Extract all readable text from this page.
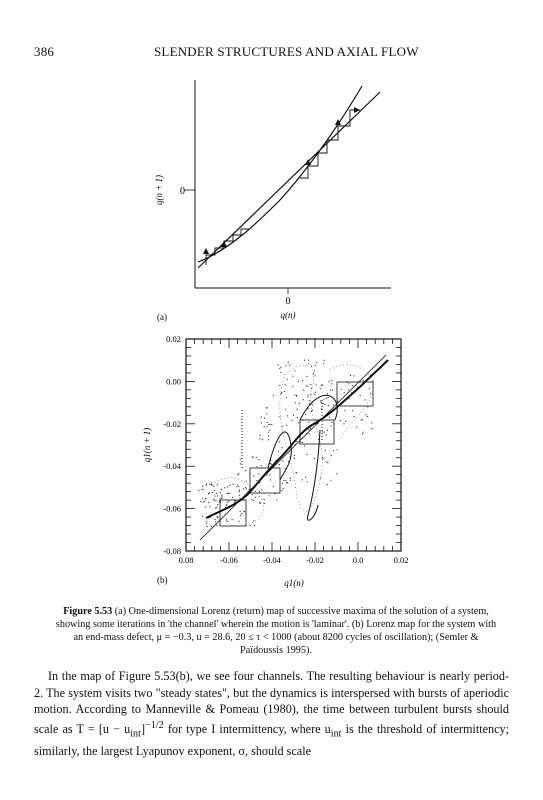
386	SLENDER STRUCTURES AND AXIAL FLOW
0
0
q(n + 1)
q(n)
(a)
0.02
0.00
-0.02
-0.04
-0.06
-0.08
0.08	-0.06	-0.04	-0.02	0.0	0.02
q1(n + 1)
q1(n)
(b)
Figure 5.53 (a) One-dimensional Lorenz (return) map of successive maxima of the solution of a system, showing some iterations in 'the channel' wherein the motion is 'laminar'. (b) Lorenz map for the system with an end-mass defect, μ = −0.3, u = 28.6, 20 ≤ τ < 1000 (about 8200 cycles of oscillation); (Semler & Païdoussis 1995).

In the map of Figure 5.53(b), we see four channels. The resulting behaviour is nearly period-2. The system visits two "steady states", but the dynamics is interspersed with bursts of aperiodic motion. According to Manneville & Pomeau (1980), the time between turbulent bursts should scale as $T = [u - u_{int}]^{-1/2}$ for type I intermittency, where $u_{int}$ is the threshold of intermittency; similarly, the largest Lyapunov exponent, σ, should scale
